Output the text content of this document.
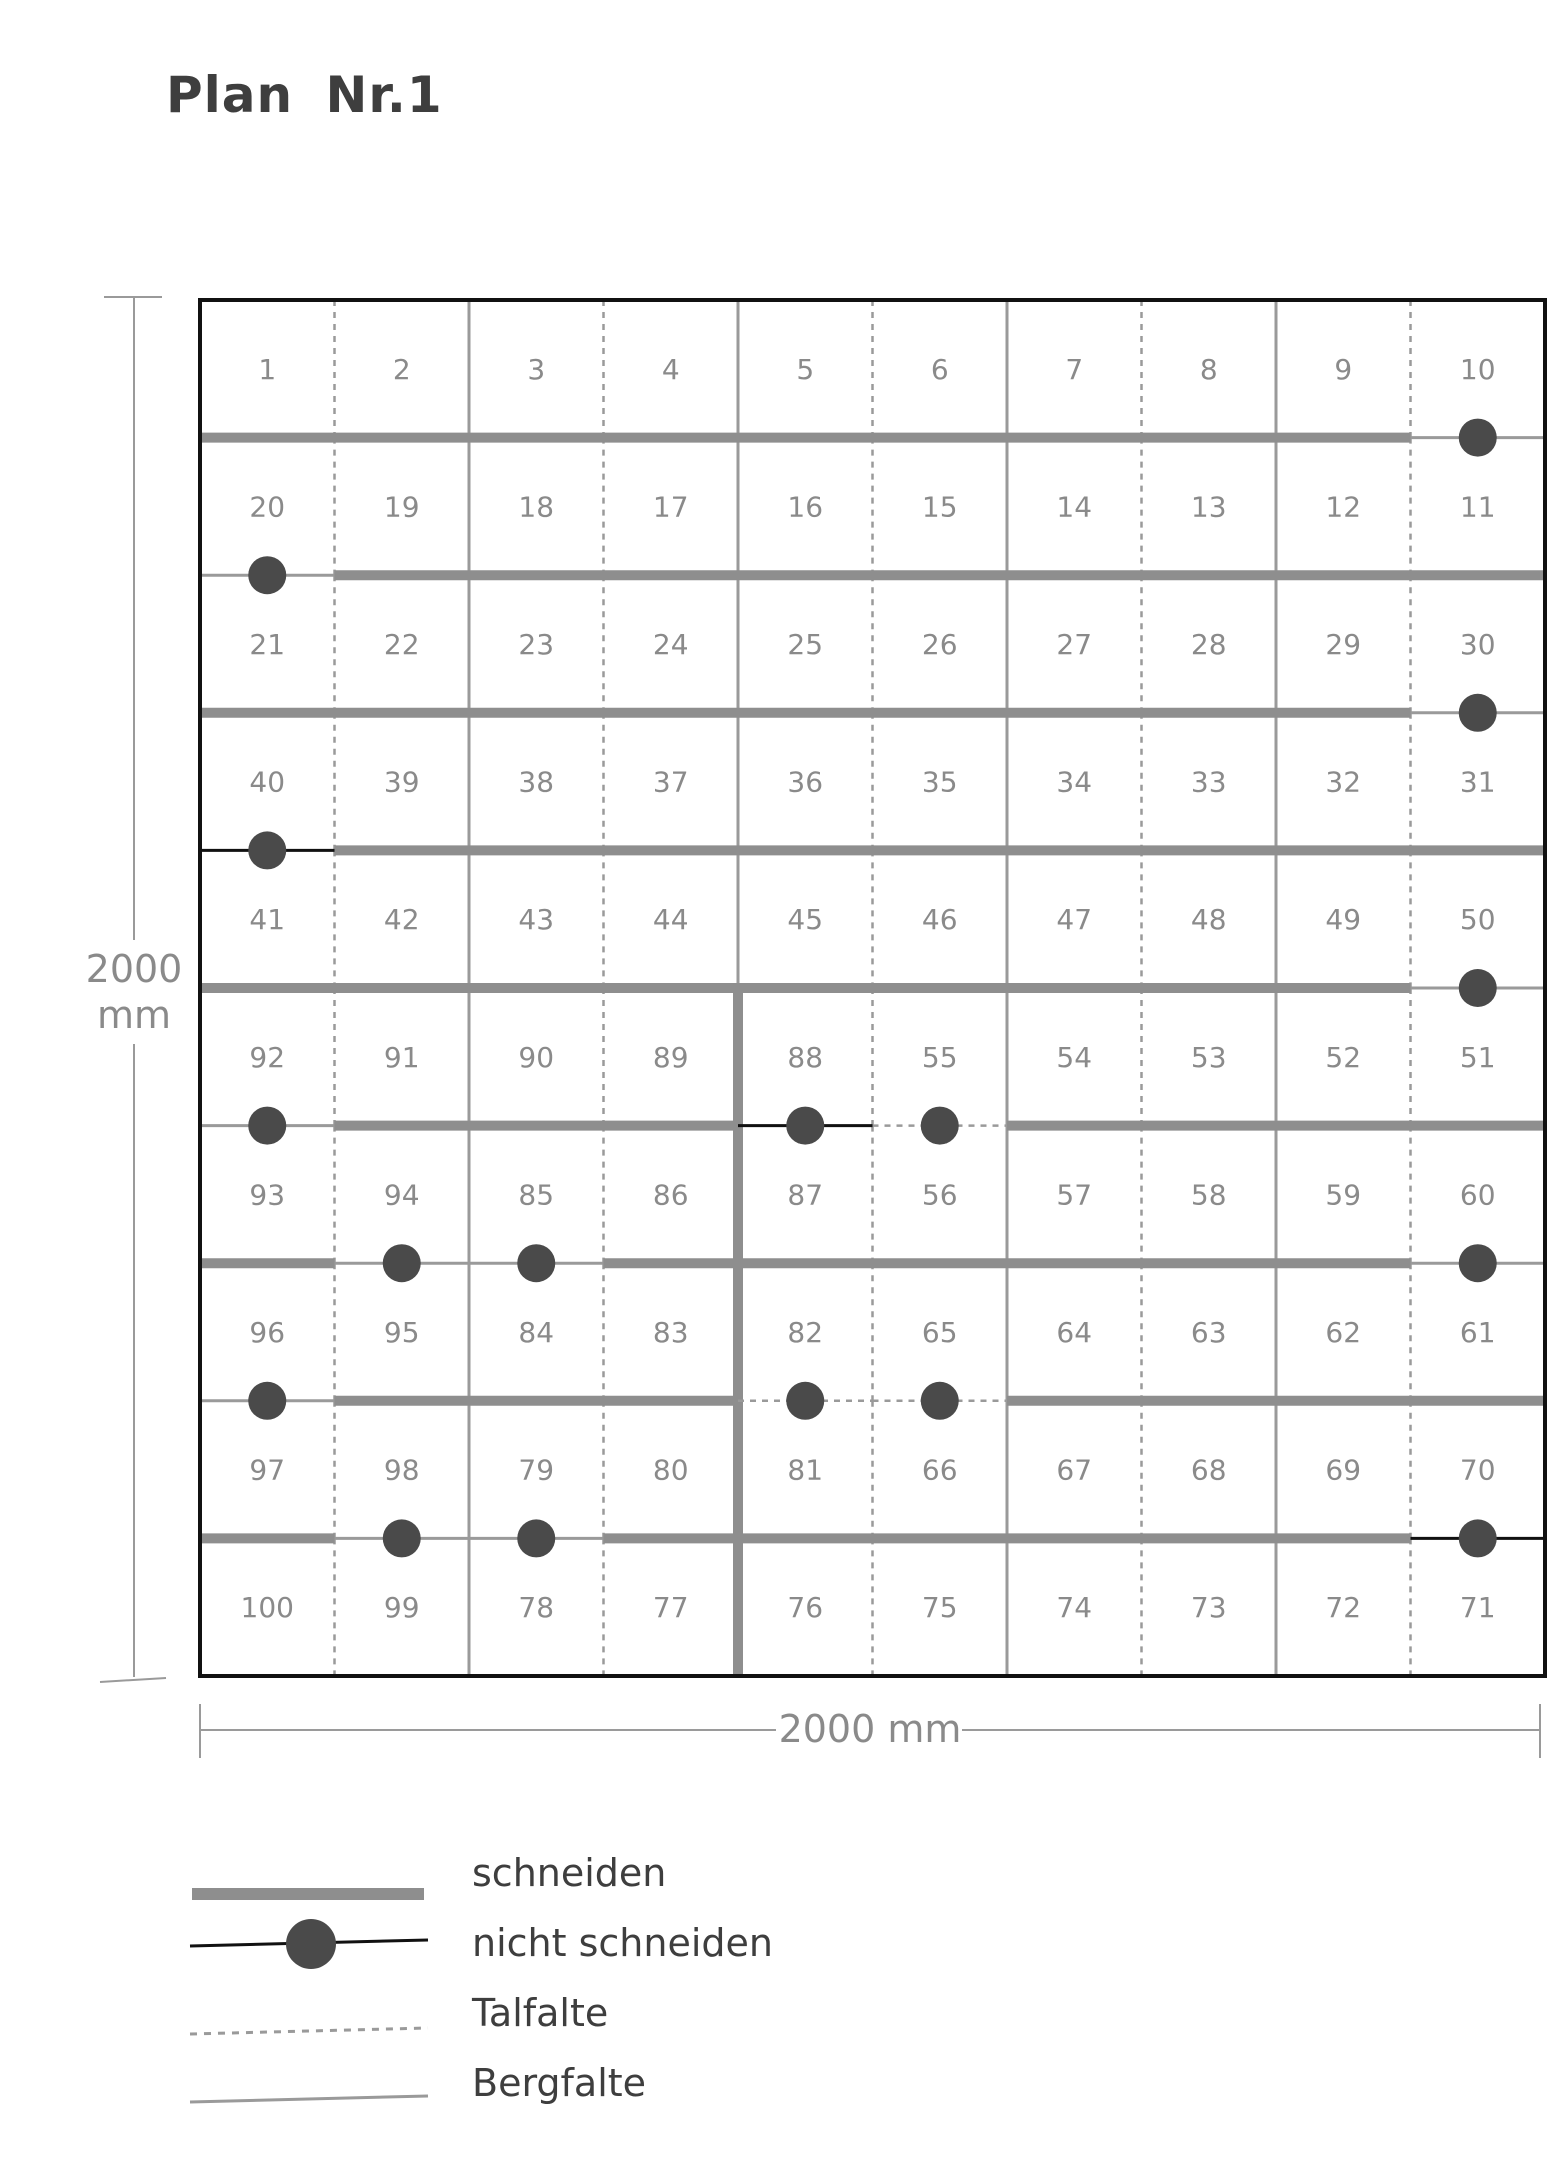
Plan Nr.1
1	2	3	4	5	6	7	8	9	10
20	19	18	17	16	15	14	13	12	11
21	22	23	24	25	26	27	28	29	30
40	39	38	37	36	35	34	33	32	31
41	42	43	44	45	46	47	48	49	50
92	91	90	89	88	55	54	53	52	51
93	94	85	86	87	56	57	58	59	60
96	95	84	83	82	65	64	63	62	61
97	98	79	80	81	66	67	68	69	70
100	99	78	77	76	75	74	73	72	71
2000
mm
2000 mm
schneiden
nicht schneiden
Talfalte
Bergfalte
